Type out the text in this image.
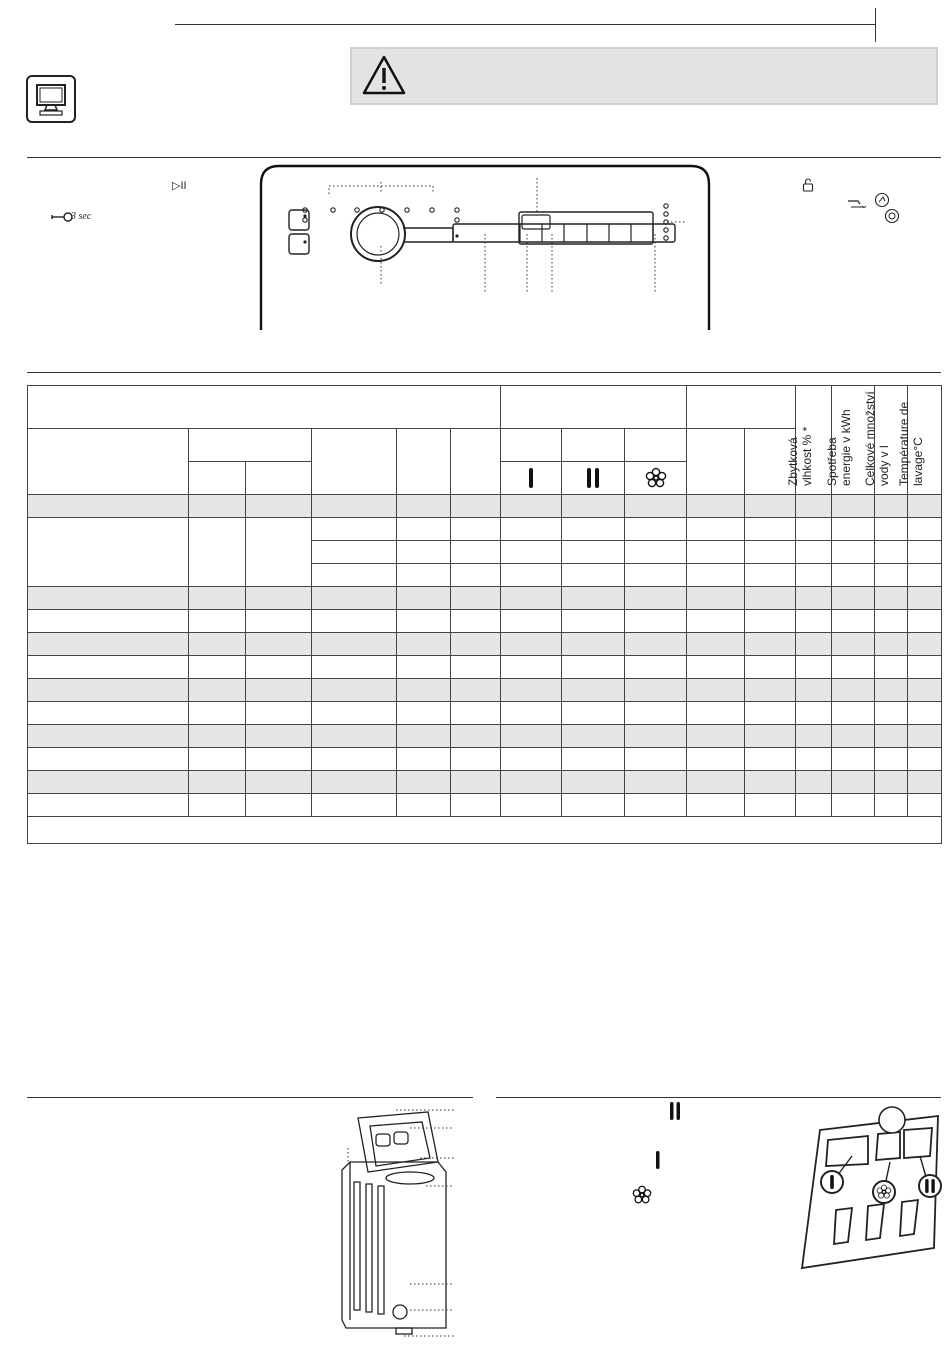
▷II
3 sec

											Zbytková vlhkost % *	Spotřeba energie v kWh	Celkové množství vody v l	Température de lavage°C
